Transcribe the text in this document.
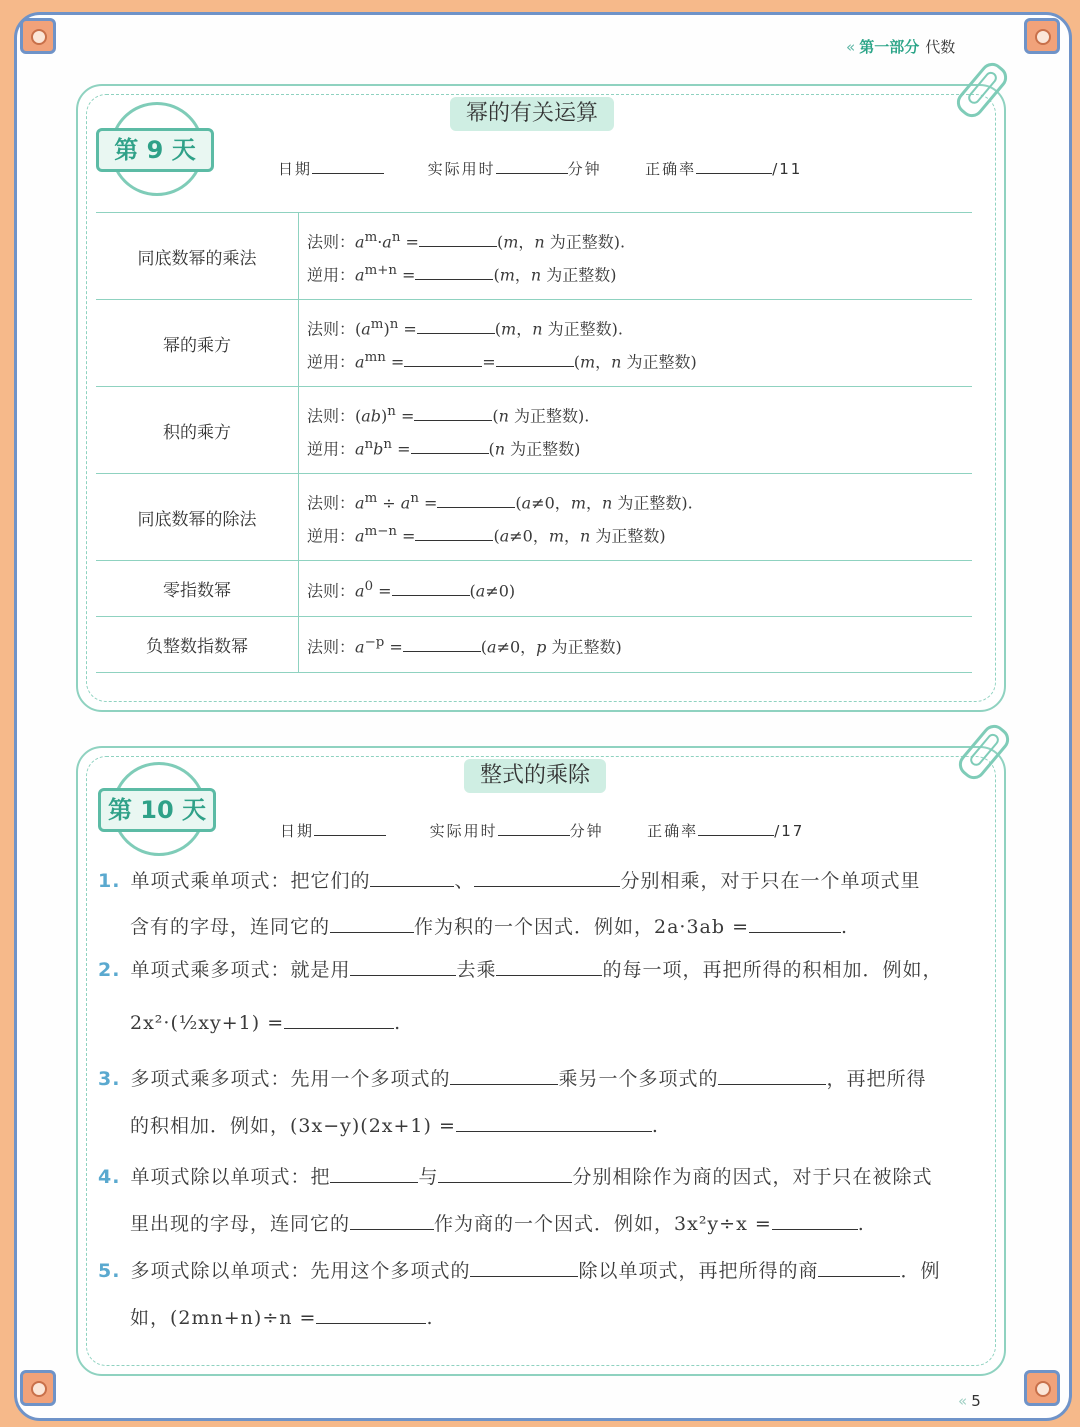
« 第一部分 代数
第 9 天
幂的有关运算
日期	实际用时	分钟	正确率	/11
同底数幂的乘法	法则：$a^m\cdot a^n = (m$，n 为正整数).
逆用：$a^{m+n} = (m$，n 为正整数)

幂的乘方	法则：$(a^m)^n = (m$，n 为正整数).
逆用：$a^{mn}$ = = (m，n 为正整数)

积的乘方	法则：(ab)$^n$ = (n 为正整数).
逆用：$a^nb^n = (n$ 为正整数)

同底数幂的除法	法则：$a^m \div a^n = (a\ne 0$，m，n 为正整数).
逆用：$a^{m-n} = (a\ne 0$，m，n 为正整数)

零指数幂	法则：$a^0 = (a\ne 0)$

负整数指数幂	法则：$a^{-p} = (a\ne 0$，p 为正整数)
第 10 天
整式的乘除
日期	实际用时	分钟	正确率	/17
1. 单项式乘单项式：把它们的	、	分别相乘，对于只在一个单项式里
含有的字母，连同它的	作为积的一个因式．例如，2a·3ab =	.
2. 单项式乘多项式：就是用	去乘	的每一项，再把所得的积相加．例如，
2x²·(½xy+1) =	.
3. 多项式乘多项式：先用一个多项式的	乘另一个多项式的	，再把所得
的积相加．例如，(3x−y)(2x+1) =	.
4. 单项式除以单项式：把	与	分别相除作为商的因式，对于只在被除式
里出现的字母，连同它的	作为商的一个因式．例如，3x²y÷x =	.
5. 多项式除以单项式：先用这个多项式的	除以单项式，再把所得的商	．例
如，(2mn+n)÷n =	.
« 5
